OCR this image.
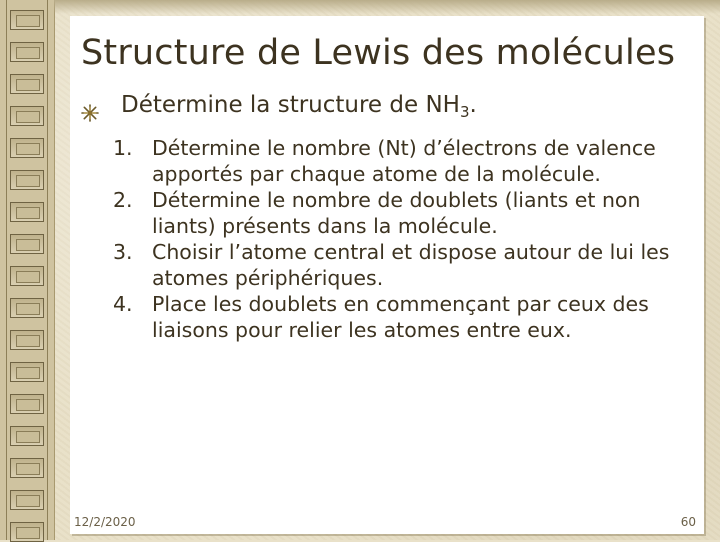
Structure de Lewis des molécules
Détermine la structure de $NH_3$.
1. Détermine le nombre (Nt) d’électrons de valence apportés par chaque atome de la molécule.
2. Détermine le nombre de doublets (liants et non liants) présents dans la molécule.
3. Choisir l’atome central et dispose autour de lui les atomes périphériques.
4. Place les doublets en commençant par ceux des liaisons pour relier les atomes entre eux.
12/2/2020	60
